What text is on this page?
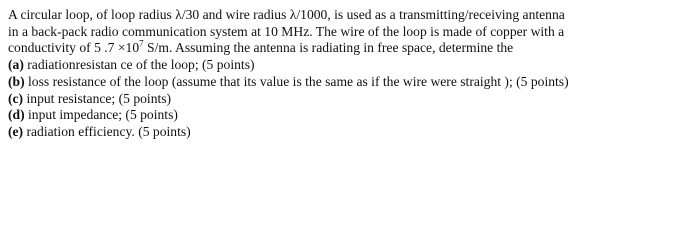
A circular loop, of loop radius λ/30 and wire radius λ/1000, is used as a transmitting/receiving antenna
in a back-pack radio communication system at 10 MHz. The wire of the loop is made of copper with a
conductivity of 5 $.7 \times 10^7$ S/m. Assuming the antenna is radiating in free space, determine the

(a) radiationresistan ce of the loop; (5 points)
(b) loss resistance of the loop (assume that its value is the same as if the wire were straight ); (5 points)
(c) input resistance; (5 points)
(d) input impedance; (5 points)
(e) radiation efficiency. (5 points)
